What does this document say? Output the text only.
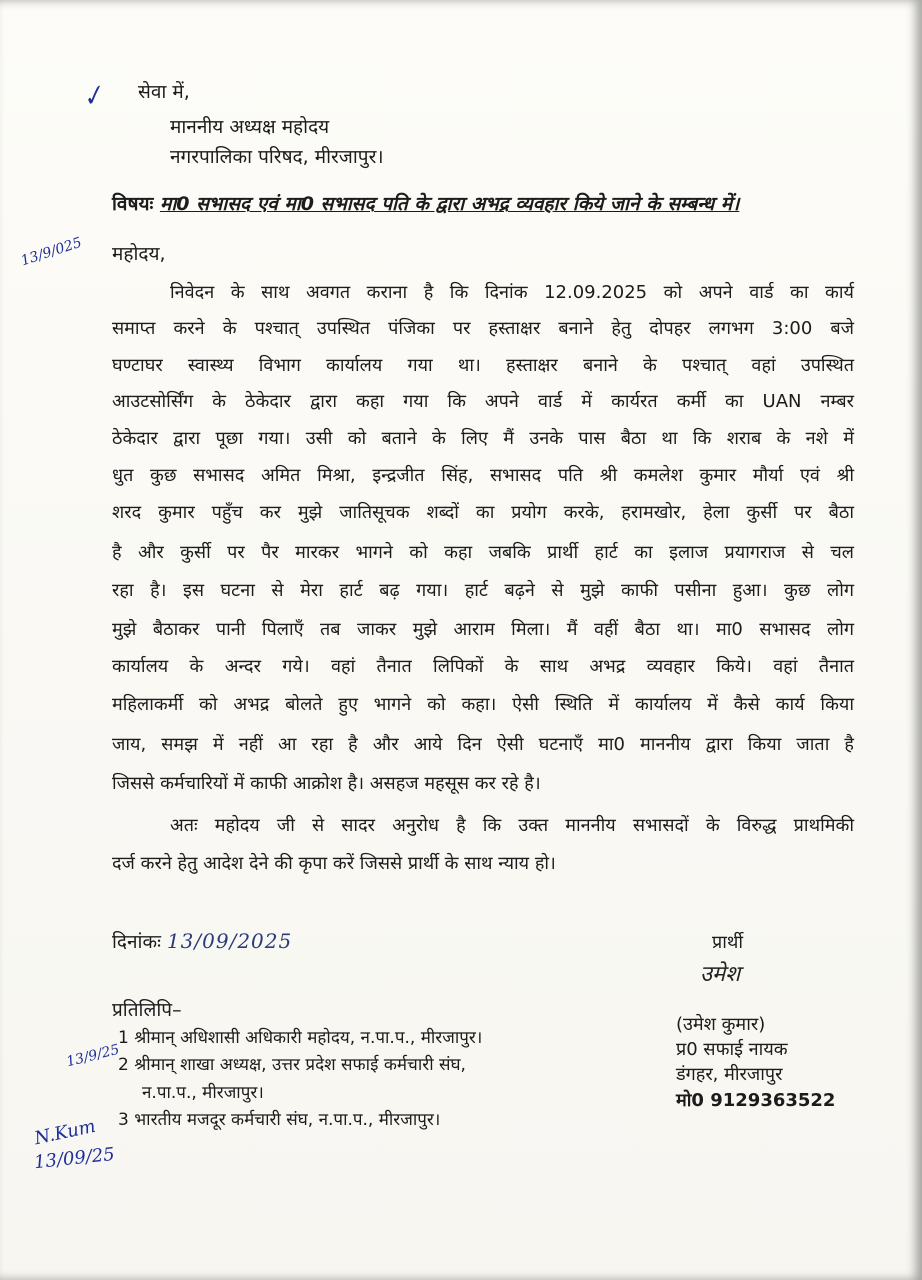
✓ सेवा में,
माननीय अध्यक्ष महोदय
नगरपालिका परिषद, मीरजापुर।
विषयः मा0 सभासद एवं मा0 सभासद पति के द्वारा अभद्र व्यवहार किये जाने के सम्बन्ध में।
13/9/025 महोदय,
निवेदन के साथ अवगत कराना है कि दिनांक 12.09.2025 को अपने वार्ड का कार्य
समाप्त करने के पश्चात् उपस्थित पंजिका पर हस्ताक्षर बनाने हेतु दोपहर लगभग 3:00 बजे
घण्टाघर स्वास्थ्य विभाग कार्यालय गया था। हस्ताक्षर बनाने के पश्चात् वहां उपस्थित
आउटसोर्सिंग के ठेकेदार द्वारा कहा गया कि अपने वार्ड में कार्यरत कर्मी का UAN नम्बर
ठेकेदार द्वारा पूछा गया। उसी को बताने के लिए मैं उनके पास बैठा था कि शराब के नशे में
धुत कुछ सभासद अमित मिश्रा, इन्द्रजीत सिंह, सभासद पति श्री कमलेश कुमार मौर्या एवं श्री
शरद कुमार पहुँच कर मुझे जातिसूचक शब्दों का प्रयोग करके, हरामखोर, हेला कुर्सी पर बैठा
है और कुर्सी पर पैर मारकर भागने को कहा जबकि प्रार्थी हार्ट का इलाज प्रयागराज से चल
रहा है। इस घटना से मेरा हार्ट बढ़ गया। हार्ट बढ़ने से मुझे काफी पसीना हुआ। कुछ लोग
मुझे बैठाकर पानी पिलाएँ तब जाकर मुझे आराम मिला। मैं वहीं बैठा था। मा0 सभासद लोग
कार्यालय के अन्दर गये। वहां तैनात लिपिकों के साथ अभद्र व्यवहार किये। वहां तैनात
महिलाकर्मी को अभद्र बोलते हुए भागने को कहा। ऐसी स्थिति में कार्यालय में कैसे कार्य किया
जाय, समझ में नहीं आ रहा है और आये दिन ऐसी घटनाएँ मा0 माननीय द्वारा किया जाता है
जिससे कर्मचारियों में काफी आक्रोश है। असहज महसूस कर रहे है।
अतः महोदय जी से सादर अनुरोध है कि उक्त माननीय सभासदों के विरुद्ध प्राथमिकी
दर्ज करने हेतु आदेश देने की कृपा करें जिससे प्रार्थी के साथ न्याय हो।
दिनांकः 13/09/2025	प्रार्थी
उमेश
(उमेश कुमार)
प्र0 सफाई नायक
डंगहर, मीरजापुर
मो0 9129363522
प्रतिलिपि–
1 श्रीमान् अधिशासी अधिकारी महोदय, न.पा.प., मीरजापुर।
2 श्रीमान् शाखा अध्यक्ष, उत्तर प्रदेश सफाई कर्मचारी संघ,
न.पा.प., मीरजापुर।
3 भारतीय मजदूर कर्मचारी संघ, न.पा.प., मीरजापुर।
13/9/25
N.Kum
13/09/25
